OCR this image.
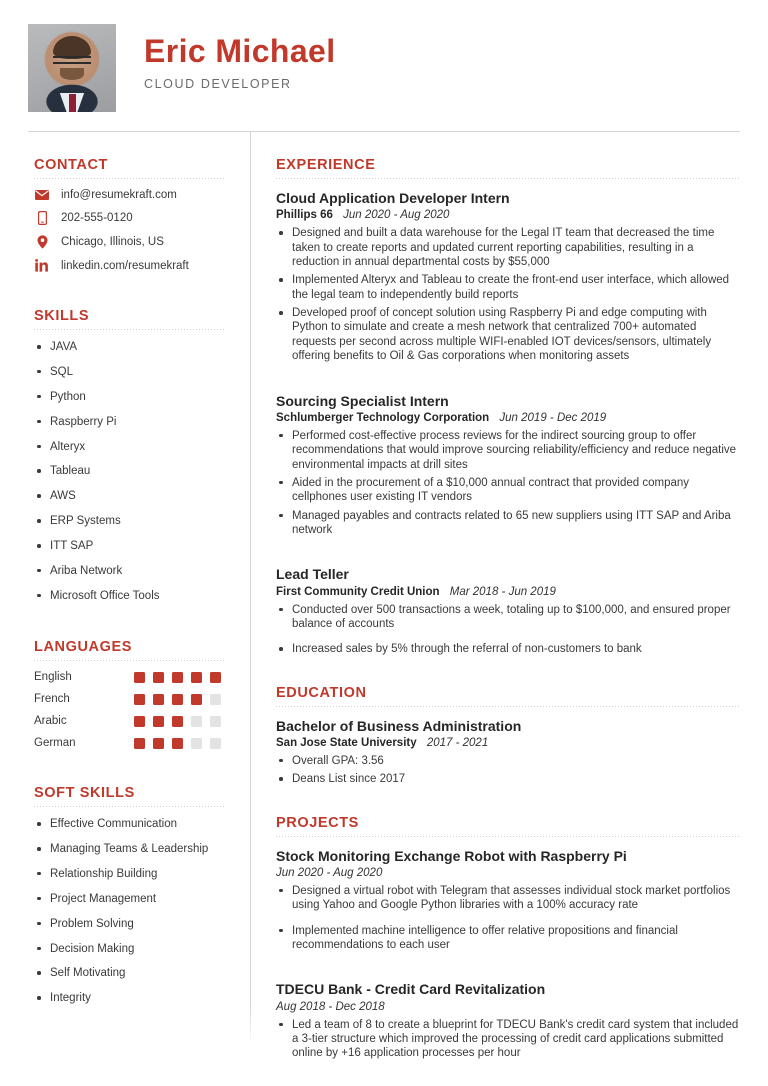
Eric Michael
CLOUD DEVELOPER
CONTACT
info@resumekraft.com
202-555-0120
Chicago, Illinois, US
linkedin.com/resumekraft
SKILLS
JAVA
SQL
Python
Raspberry Pi
Alteryx
Tableau
AWS
ERP Systems
ITT SAP
Ariba Network
Microsoft Office Tools
LANGUAGES
English
French
Arabic
German
SOFT SKILLS
Effective Communication
Managing Teams & Leadership
Relationship Building
Project Management
Problem Solving
Decision Making
Self Motivating
Integrity
EXPERIENCE
Cloud Application Developer Intern
Phillips 66 Jun 2020 - Aug 2020
Designed and built a data warehouse for the Legal IT team that decreased the time taken to create reports and updated current reporting capabilities, resulting in a reduction in annual departmental costs by $55,000
Implemented Alteryx and Tableau to create the front-end user interface, which allowed the legal team to independently build reports
Developed proof of concept solution using Raspberry Pi and edge computing with Python to simulate and create a mesh network that centralized 700+ automated requests per second across multiple WIFI-enabled IOT devices/sensors, ultimately offering benefits to Oil & Gas corporations when monitoring assets
Sourcing Specialist Intern
Schlumberger Technology Corporation Jun 2019 - Dec 2019
Performed cost-effective process reviews for the indirect sourcing group to offer recommendations that would improve sourcing reliability/efficiency and reduce negative environmental impacts at drill sites
Aided in the procurement of a $10,000 annual contract that provided company cellphones user existing IT vendors
Managed payables and contracts related to 65 new suppliers using ITT SAP and Ariba network
Lead Teller
First Community Credit Union Mar 2018 - Jun 2019
Conducted over 500 transactions a week, totaling up to $100,000, and ensured proper balance of accounts
Increased sales by 5% through the referral of non-customers to bank
EDUCATION
Bachelor of Business Administration
San Jose State University 2017 - 2021
Overall GPA: 3.56
Deans List since 2017
PROJECTS
Stock Monitoring Exchange Robot with Raspberry Pi
Jun 2020 - Aug 2020
Designed a virtual robot with Telegram that assesses individual stock market portfolios using Yahoo and Google Python libraries with a 100% accuracy rate
Implemented machine intelligence to offer relative propositions and financial recommendations to each user
TDECU Bank - Credit Card Revitalization
Aug 2018 - Dec 2018
Led a team of 8 to create a blueprint for TDECU Bank's credit card system that included a 3-tier structure which improved the processing of credit card applications submitted online by +16 application processes per hour
